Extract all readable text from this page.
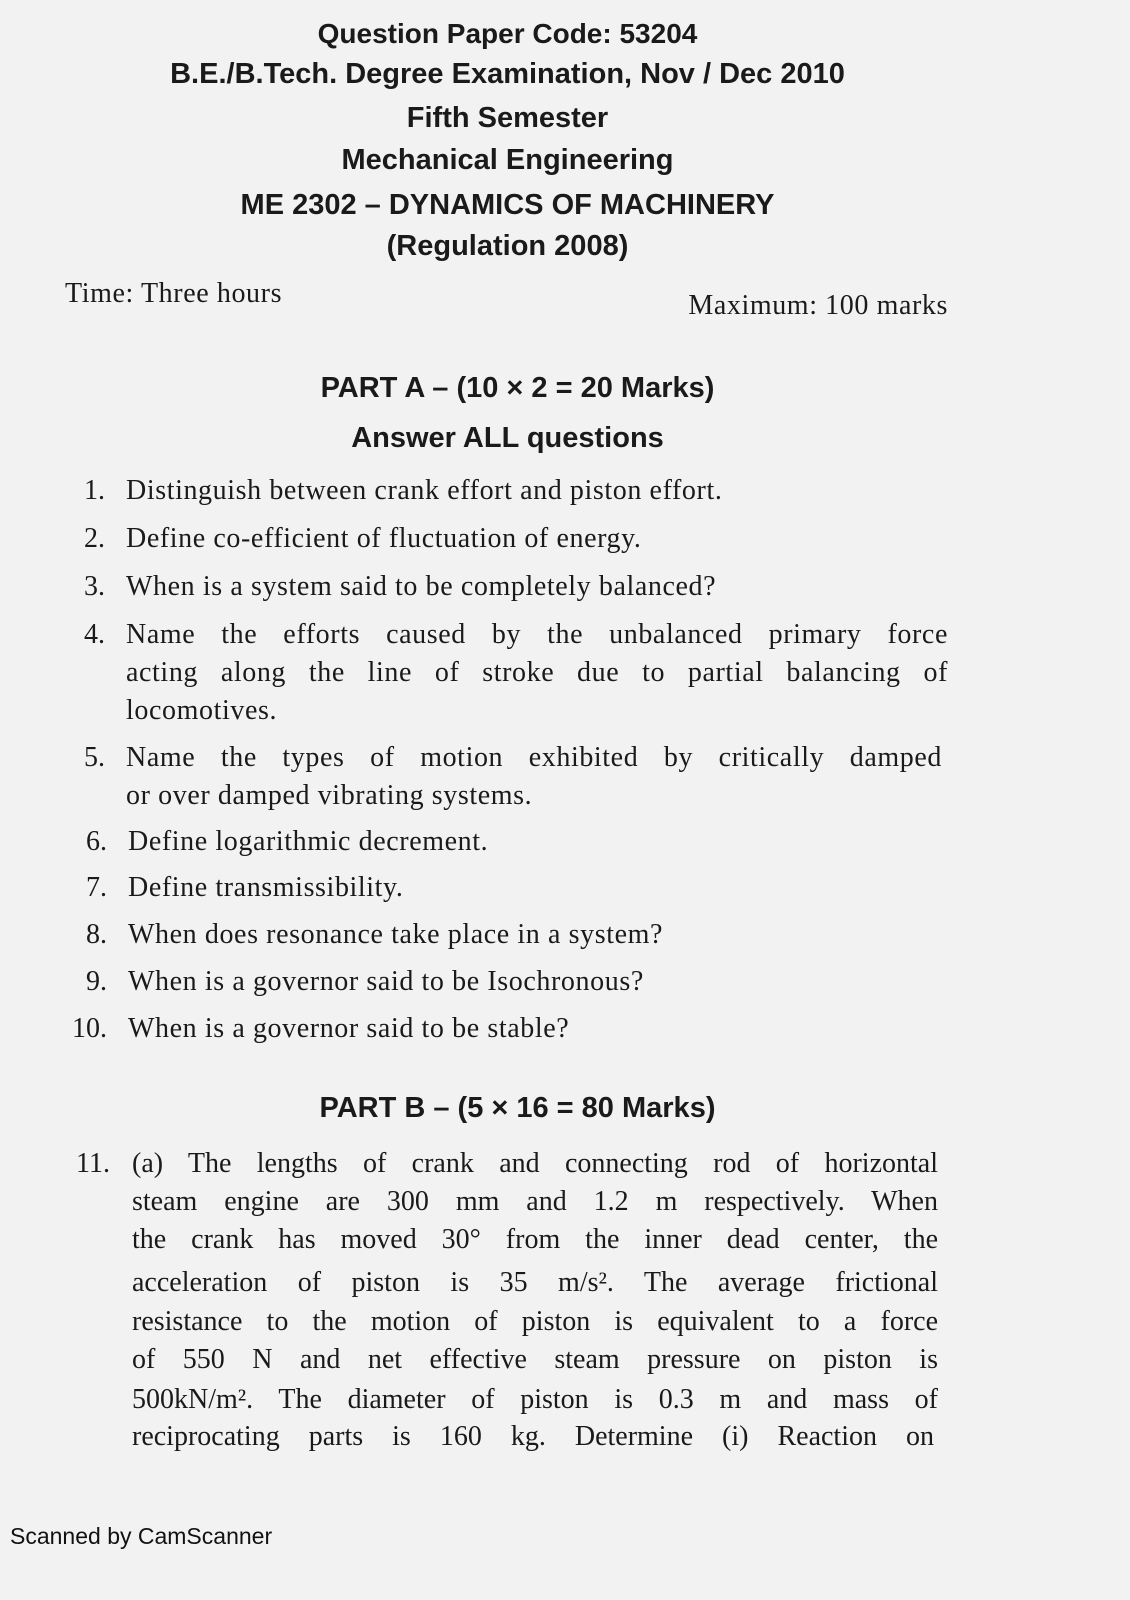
Question Paper Code: 53204
B.E./B.Tech. Degree Examination, Nov / Dec 2010
Fifth Semester
Mechanical Engineering
ME 2302 – DYNAMICS OF MACHINERY
(Regulation 2008)
Time: Three hours	Maximum: 100 marks
PART A – (10 × 2 = 20 Marks)
Answer ALL questions
1. Distinguish between crank effort and piston effort.
2. Define co-efficient of fluctuation of energy.
3. When is a system said to be completely balanced?
4. Name the efforts caused by the unbalanced primary force
acting along the line of stroke due to partial balancing of
locomotives.
5. Name the types of motion exhibited by critically damped
or over damped vibrating systems.
6. Define logarithmic decrement.
7. Define transmissibility.
8. When does resonance take place in a system?
9. When is a governor said to be Isochronous?
10. When is a governor said to be stable?
PART B – (5 × 16 = 80 Marks)
11. (a) The lengths of crank and connecting rod of horizontal
steam engine are 300 mm and 1.2 m respectively. When
the crank has moved 30° from the inner dead center, the
acceleration of piston is 35 m/s². The average frictional
resistance to the motion of piston is equivalent to a force
of 550 N and net effective steam pressure on piston is
500kN/m². The diameter of piston is 0.3 m and mass of
reciprocating parts is 160 kg. Determine (i) Reaction on
Scanned by CamScanner
